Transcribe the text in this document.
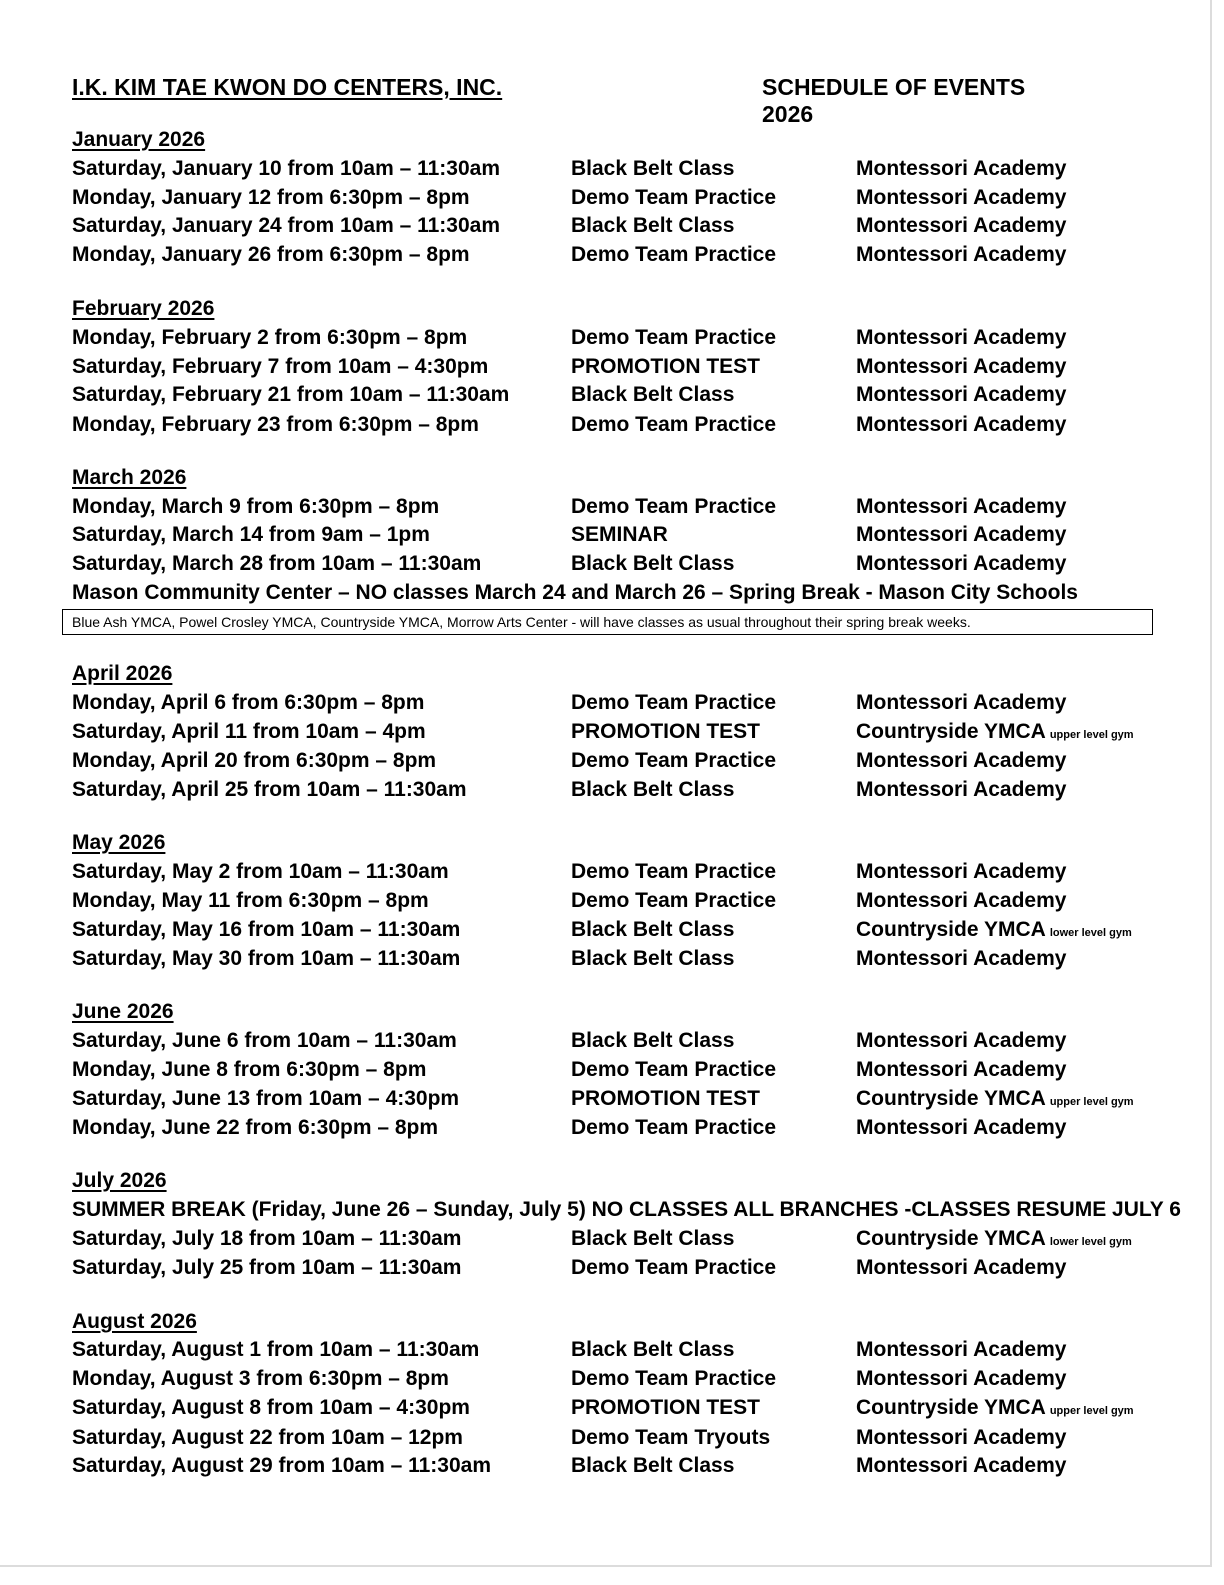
I.K. KIM TAE KWON DO CENTERS, INC.	SCHEDULE OF EVENTS 2026
January 2026
Saturday, January 10 from 10am – 11:30am	Black Belt Class	Montessori Academy
Monday, January 12 from 6:30pm – 8pm	Demo Team Practice	Montessori Academy
Saturday, January 24 from 10am – 11:30am	Black Belt Class	Montessori Academy
Monday, January 26 from 6:30pm – 8pm	Demo Team Practice	Montessori Academy
February 2026
Monday, February 2 from 6:30pm – 8pm	Demo Team Practice	Montessori Academy
Saturday, February 7 from 10am – 4:30pm	PROMOTION TEST	Montessori Academy
Saturday, February 21 from 10am – 11:30am	Black Belt Class	Montessori Academy
Monday, February 23 from 6:30pm – 8pm	Demo Team Practice	Montessori Academy
March 2026
Monday, March 9 from 6:30pm – 8pm	Demo Team Practice	Montessori Academy
Saturday, March 14 from 9am – 1pm	SEMINAR	Montessori Academy
Saturday, March 28 from 10am – 11:30am	Black Belt Class	Montessori Academy
Mason Community Center – NO classes March 24 and March 26 – Spring Break - Mason City Schools
Blue Ash YMCA, Powel Crosley YMCA, Countryside YMCA, Morrow Arts Center - will have classes as usual throughout their spring break weeks.
April 2026
Monday, April 6 from 6:30pm – 8pm	Demo Team Practice	Montessori Academy
Saturday, April 11 from 10am – 4pm	PROMOTION TEST	Countryside YMCA upper level gym
Monday, April 20 from 6:30pm – 8pm	Demo Team Practice	Montessori Academy
Saturday, April 25 from 10am – 11:30am	Black Belt Class	Montessori Academy
May 2026
Saturday, May 2 from 10am – 11:30am	Demo Team Practice	Montessori Academy
Monday, May 11 from 6:30pm – 8pm	Demo Team Practice	Montessori Academy
Saturday, May 16 from 10am – 11:30am	Black Belt Class	Countryside YMCA lower level gym
Saturday, May 30 from 10am – 11:30am	Black Belt Class	Montessori Academy
June 2026
Saturday, June 6 from 10am – 11:30am	Black Belt Class	Montessori Academy
Monday, June 8 from 6:30pm – 8pm	Demo Team Practice	Montessori Academy
Saturday, June 13 from 10am – 4:30pm	PROMOTION TEST	Countryside YMCA upper level gym
Monday, June 22 from 6:30pm – 8pm	Demo Team Practice	Montessori Academy
July 2026
SUMMER BREAK (Friday, June 26 – Sunday, July 5) NO CLASSES ALL BRANCHES -CLASSES RESUME JULY 6
Saturday, July 18 from 10am – 11:30am	Black Belt Class	Countryside YMCA lower level gym
Saturday, July 25 from 10am – 11:30am	Demo Team Practice	Montessori Academy
August 2026
Saturday, August 1 from 10am – 11:30am	Black Belt Class	Montessori Academy
Monday, August 3 from 6:30pm – 8pm	Demo Team Practice	Montessori Academy
Saturday, August 8 from 10am – 4:30pm	PROMOTION TEST	Countryside YMCA upper level gym
Saturday, August 22 from 10am – 12pm	Demo Team Tryouts	Montessori Academy
Saturday, August 29 from 10am – 11:30am	Black Belt Class	Montessori Academy
